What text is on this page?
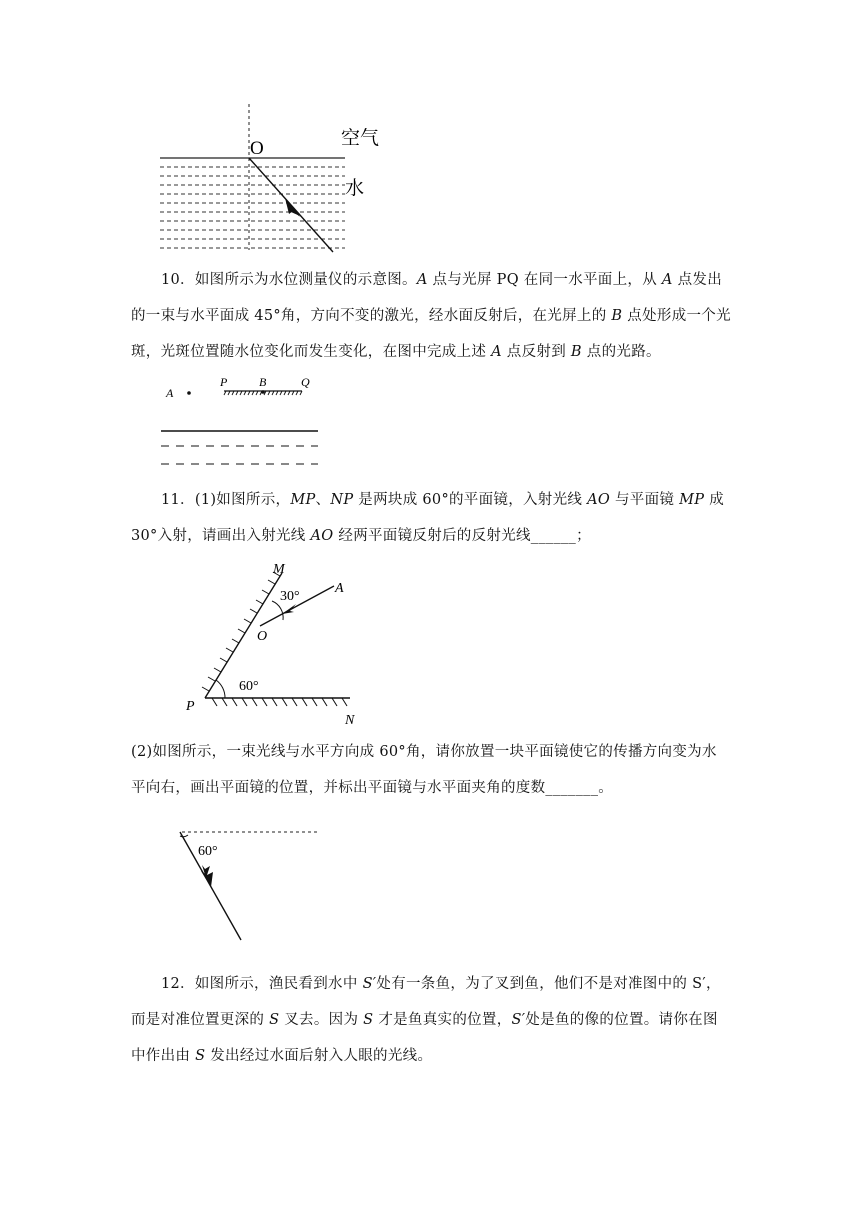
O	空气
水

10．如图所示为水位测量仪的示意图。A 点与光屏 PQ 在同一水平面上，从 A 点发出的一束与水平面成 45°角，方向不变的激光，经水面反射后，在光屏上的 B 点处形成一个光斑，光斑位置随水位变化而发生变化，在图中完成上述 A 点反射到 B 点的光路。

A
P	B	Q

11．(1)如图所示，MP、NP 是两块成 60°的平面镜，入射光线 AO 与平面镜 MP 成 30°入射，请画出入射光线 AO 经两平面镜反射后的反射光线______；

M
A
O
P
N
30°
60°

(2)如图所示，一束光线与水平方向成 60°角，请你放置一块平面镜使它的传播方向变为水平向右，画出平面镜的位置，并标出平面镜与水平面夹角的度数_______。

60°

12．如图所示，渔民看到水中 S′处有一条鱼，为了叉到鱼，他们不是对准图中的 S′，而是对准位置更深的 S 叉去。因为 S 才是鱼真实的位置，S′处是鱼的像的位置。请你在图中作出由 S 发出经过水面后射入人眼的光线。
